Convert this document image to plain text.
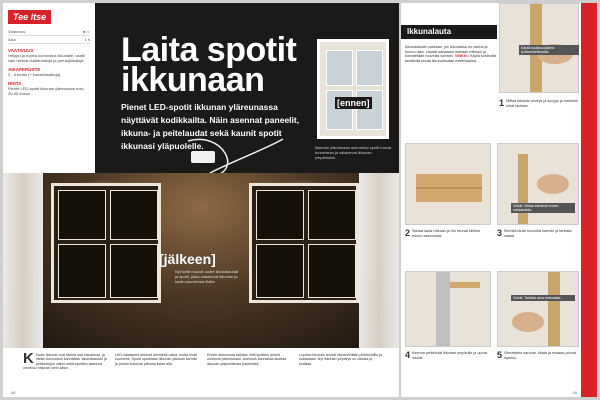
Tee itse
Vaativuus	●○○
Aika	1 h
VAATIVUUS
Helppo ja nopea kunnostus ikkunalle, vaatii vain hieman kädentaitoja ja perustyökaluja.
AIKAPERUSTE
2 - 4 tuntia (+ kuivumisaikoja).
HINTA
Pienet LED-spotit ikkunan yläreunaan noin 20-40 euroa.
Laita spotit
ikkunaan
Pienet LED-spotit ikkunan yläreunassa näyttävät kodikkailta. Näin asennat paneelit, ikkuna- ja peitelaudat sekä kaunit spotit ikkunasi yläpuolelle.
[ennen]
Ikkunan yläreunaan asennetut spotit tuovat tunnelmaa ja valaisevat ikkunan ympäristöä.
[jälkeen]
Nyt kotiin tuovat uudet ikkunalaudat ja spotit, jotka valaisevat ikkunan ja kodin tunnelmaa illalla.
K Kodin ikkunat ovat tärkeä osa sisustusta, ja niiden kunnostus kannattaa. Ikkunalaudan ja peitelistojen vaihto sekä spottien asennus onnistuu helposti omin käsin.
LED-valaisimet antavat lämmintä valoa, mutta eivät kuumene. Spotit upotetaan ikkunan yläosan karmiin ja johdot kulkevat piilossa listan alla.
Ennen asennusta tarkista, että spottien johdot ulottuvat pistorasiaan. Asennus kannattaa aloittaa ikkunan yläpuolisesta paneelista.
Lopuksi ikkunan reunat viimeistellään peitelistoilla ja maalataan. Nyt ikkunan ympärys on valoisa ja kodikas.
48
Ikkunalauta
Ikkunalaudat uusitaan, jos ikkunassa on vanha ja huono laita. Laudat sahataan oikeaan mittaan ja kiinnitetään ruuveilla karmiin. VINKKI: Käytä kosteutta kestävää puuta ikkunalaudan materiaalina.
Käytä kuulosuojaimia työskennellessäsi.
Vinkki: Mittaa kahdesti ennen sahaamista.
1 Mittaa ikkunan leveys ja syvyys ja merkitse mitat lautaan.
2 Sahaa lauta mittaan ja hio reunat sileiksi ennen asennusta.	3 Kiinnitä lauta ruuveilla karmiin ja tarkista vaaka.
Vinkki: Tarkista aina vesivaaka.
4 Asenna peitelistat ikkunan ympärille ja upota naulat.	5 Viimeistele saumat, kitata ja maalaa pinnat lopuksi.
49
